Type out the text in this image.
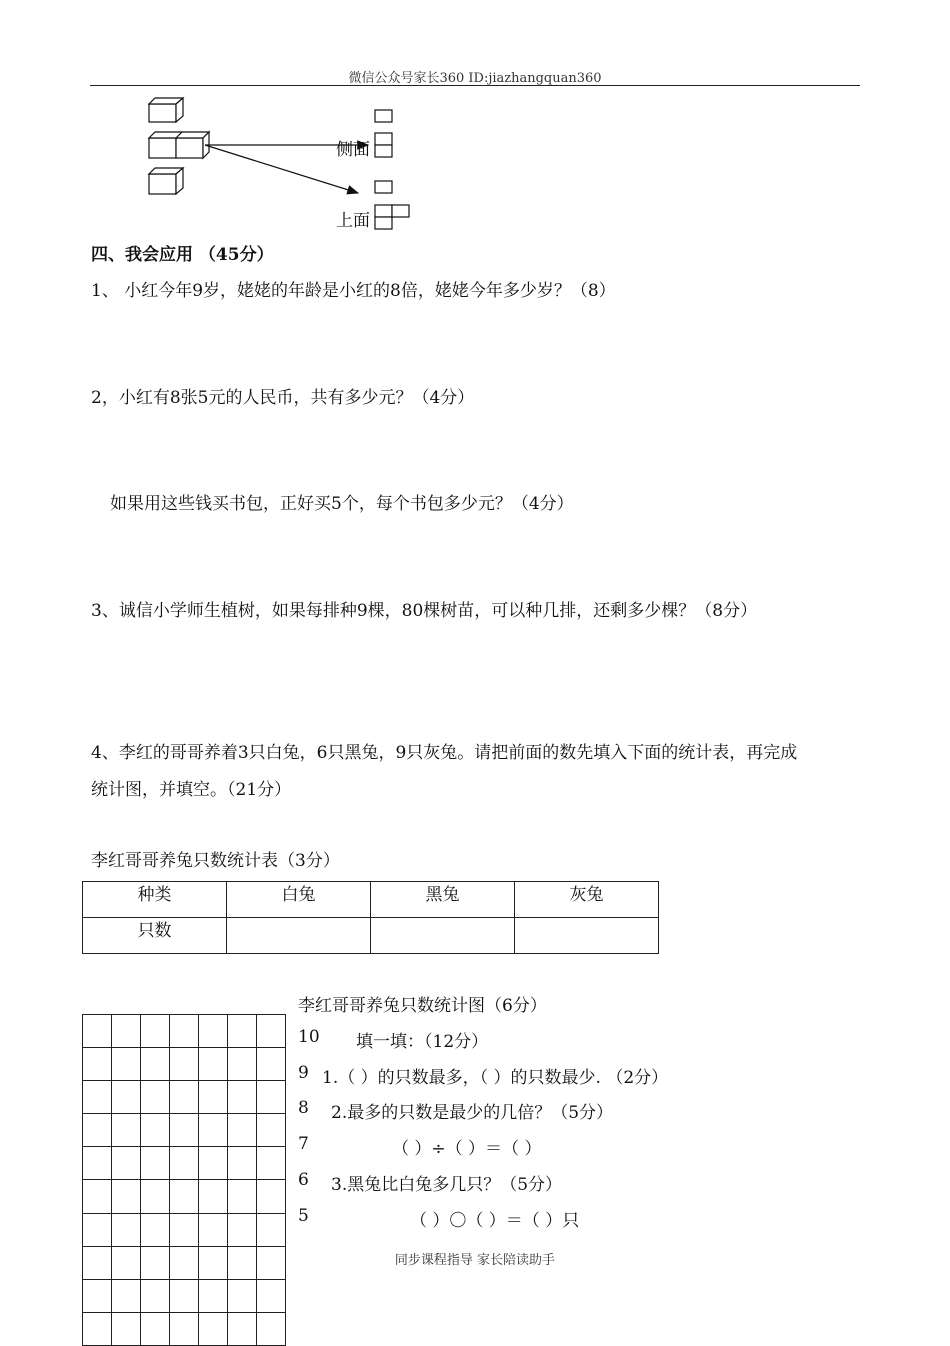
微信公众号家长360 ID:jiazhangquan360
侧面
上面
四、我会应用 （45分）
1、 小红今年9岁，姥姥的年龄是小红的8倍，姥姥今年多少岁？（8）
2，小红有8张5元的人民币，共有多少元？（4分）
如果用这些钱买书包，正好买5个，每个书包多少元？（4分）
3、诚信小学师生植树，如果每排种9棵，80棵树苗，可以种几排，还剩多少棵？（8分）
4、李红的哥哥养着3只白兔，6只黑兔，9只灰兔。请把前面的数先填入下面的统计表，再完成
统计图，并填空。（21分）
李红哥哥养兔只数统计表（3分）
种类	白兔	黑兔	灰兔
只数			
李红哥哥养兔只数统计图（6分）
10 填一填：（12分）
9 1.（ ）的只数最多，（ ）的只数最少. （2分）
8 2.最多的只数是最少的几倍？（5分）
7	（ ）÷（ ）＝（ ）
6 3.黑兔比白兔多几只？（5分）
5	（ ）〇（ ）＝（ ）只
同步课程指导 家长陪读助手
